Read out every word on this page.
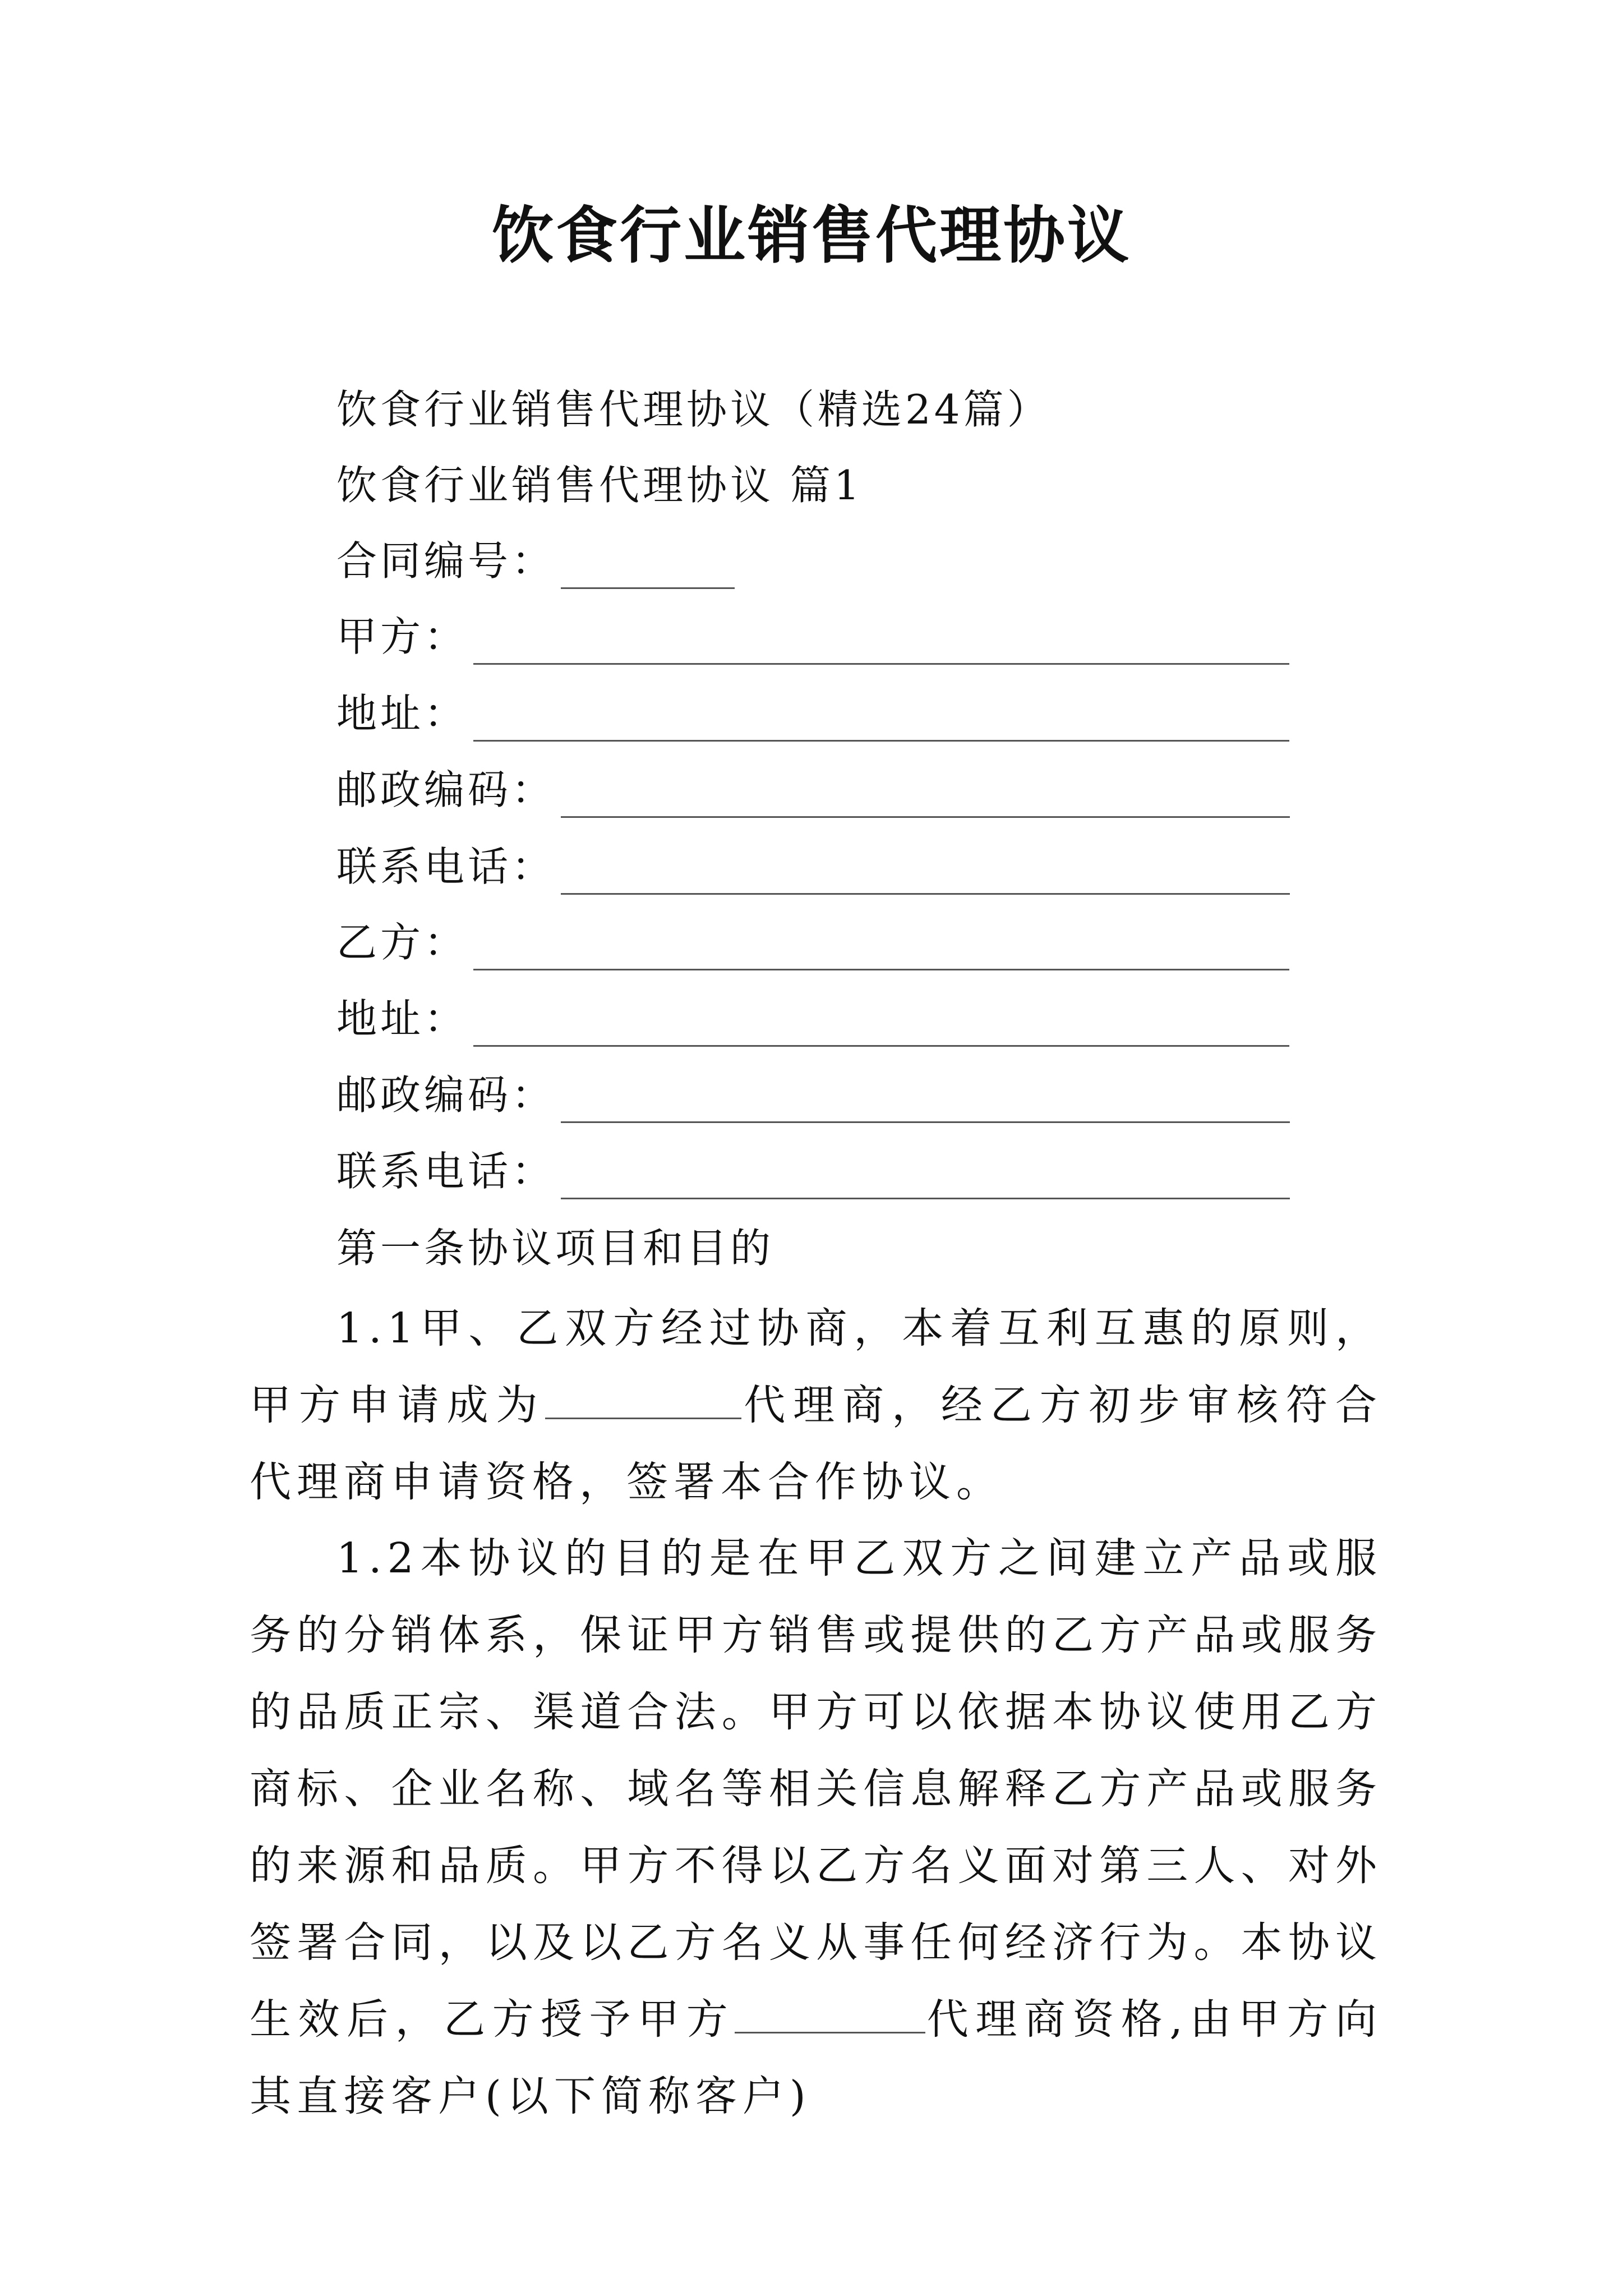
饮食行业销售代理协议
饮食行业销售代理协议（精选24篇）
饮食行业销售代理协议 篇1
合同编号：
甲方：
地址：
邮政编码：
联系电话：
乙方：
地址：
邮政编码：
联系电话：
第一条协议项目和目的

1.1甲、乙双方经过协商，本着互利互惠的原则，甲方申请成为	代理商，经乙方初步审核符合代理商申请资格，签署本合作协议。

1.2本协议的目的是在甲乙双方之间建立产品或服务的分销体系，保证甲方销售或提供的乙方产品或服务的品质正宗、渠道合法。甲方可以依据本协议使用乙方商标、企业名称、域名等相关信息解释乙方产品或服务的来源和品质。甲方不得以乙方名义面对第三人、对外签署合同，以及以乙方名义从事任何经济行为。本协议生效后，乙方授予甲方	代理商资格,由甲方向其直接客户(以下简称客户)
